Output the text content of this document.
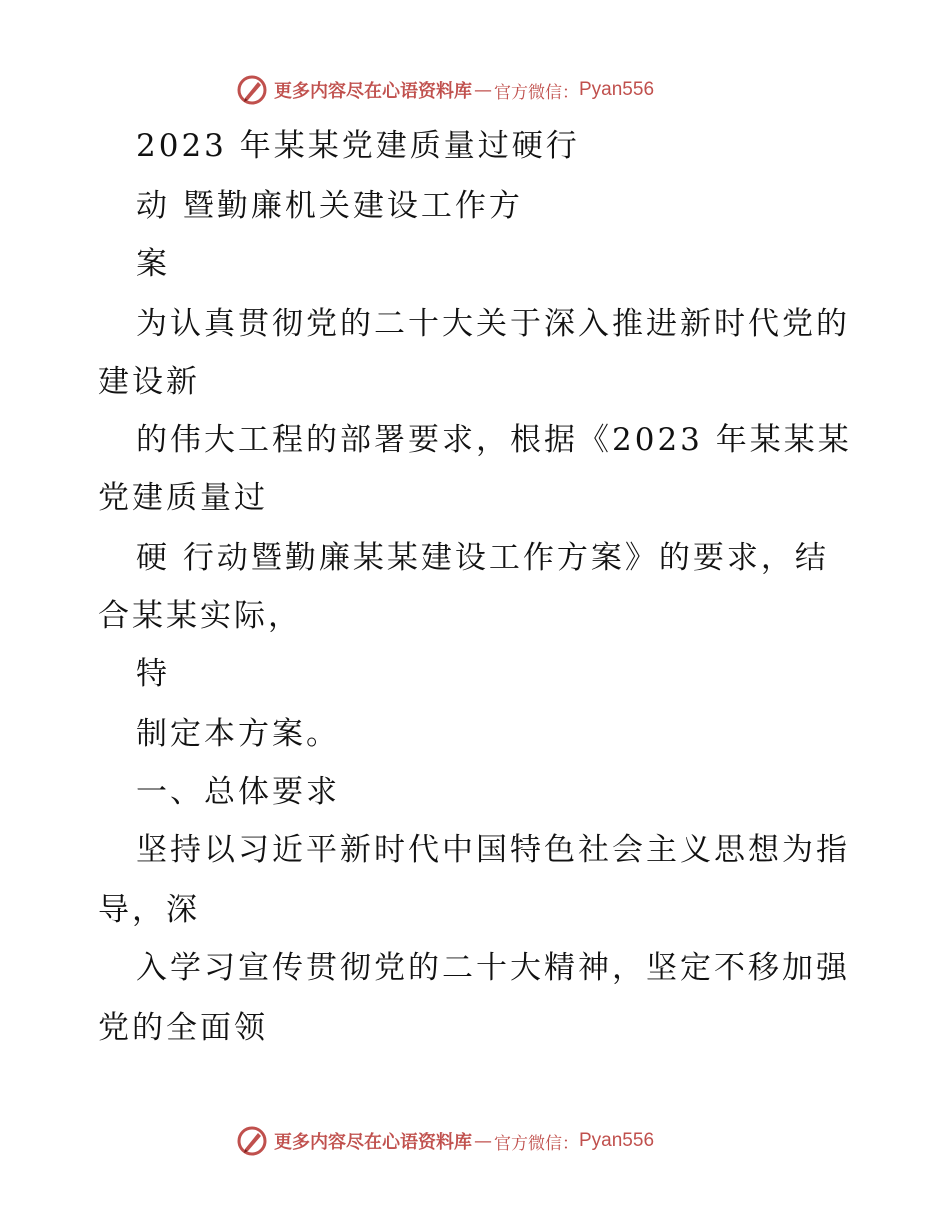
更多内容尽在心语资料库 — 官方微信： Pyan556
2023 年某某党建质量过硬行
动 暨勤廉机关建设工作方
案
为认真贯彻党的二十大关于深入推进新时代党的
建设新
的伟大工程的部署要求，根据《2023 年某某某
党建质量过
硬 行动暨勤廉某某建设工作方案》的要求，结
合某某实际，
特
制定本方案。
一、总体要求
坚持以习近平新时代中国特色社会主义思想为指
导，深
入学习宣传贯彻党的二十大精神，坚定不移加强
党的全面领
更多内容尽在心语资料库 — 官方微信： Pyan556
